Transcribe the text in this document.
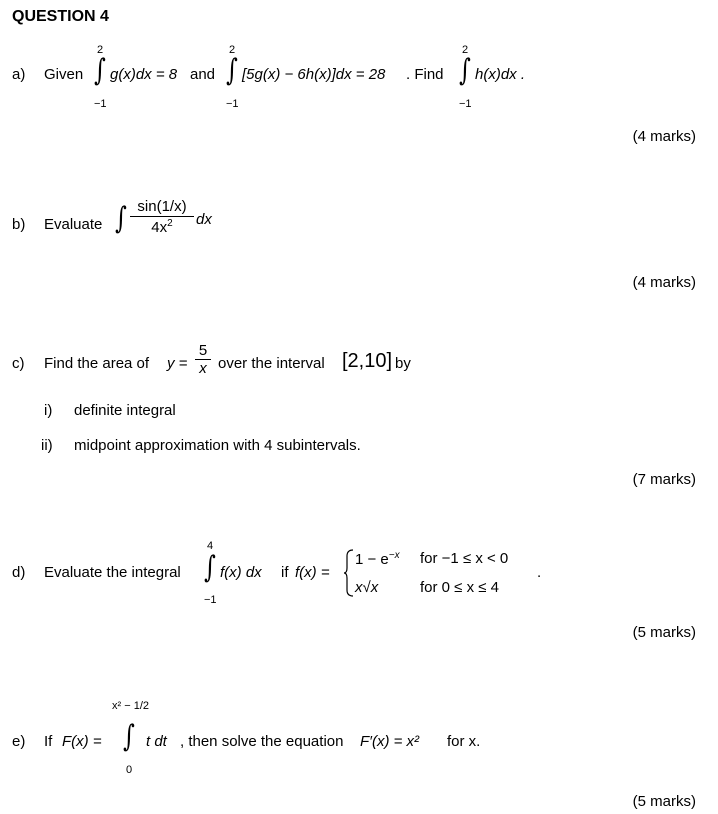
QUESTION 4
a) Given
2
∫
−1
g(x)dx = 8 and
2
∫
−1
[5g(x) − 6h(x)]dx = 28 . Find
2
∫
−1
h(x)dx .
(4 marks)
b) Evaluate ∫ $\frac{\sin(1/x)}{4x^2}$ dx
(4 marks)
c) Find the area of $y = \frac{5}{x}$ over the interval [2,10] by
i) definite integral
ii) midpoint approximation with 4 subintervals.
(7 marks)
d) Evaluate the integral
4
∫
−1
f(x) dx if f(x) =
$1 - e^{-x}$ for −1 ≤ x < 0
x√x	for 0 ≤ x ≤ 4
.
(5 marks)
e) If F(x) =
x² − 1/2
∫
0
t dt , then solve the equation F′(x) = x² for x.
(5 marks)
